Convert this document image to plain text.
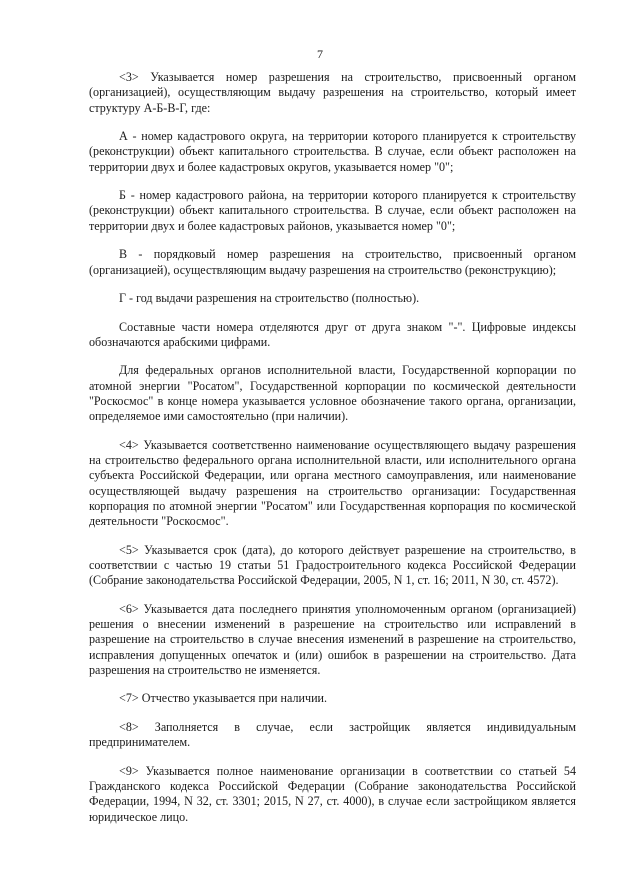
7

<3> Указывается номер разрешения на строительство, присвоенный органом (организацией), осуществляющим выдачу разрешения на строительство, который имеет структуру А-Б-В-Г, где:

А - номер кадастрового округа, на территории которого планируется к строительству (реконструкции) объект капитального строительства. В случае, если объект расположен на территории двух и более кадастровых округов, указывается номер "0";

Б - номер кадастрового района, на территории которого планируется к строительству (реконструкции) объект капитального строительства. В случае, если объект расположен на территории двух и более кадастровых районов, указывается номер "0";

В - порядковый номер разрешения на строительство, присвоенный органом (организацией), осуществляющим выдачу разрешения на строительство (реконструкцию);

Г - год выдачи разрешения на строительство (полностью).

Составные части номера отделяются друг от друга знаком "-". Цифровые индексы обозначаются арабскими цифрами.

Для федеральных органов исполнительной власти, Государственной корпорации по атомной энергии "Росатом", Государственной корпорации по космической деятельности "Роскосмос" в конце номера указывается условное обозначение такого органа, организации, определяемое ими самостоятельно (при наличии).

<4> Указывается соответственно наименование осуществляющего выдачу разрешения на строительство федерального органа исполнительной власти, или исполнительного органа субъекта Российской Федерации, или органа местного самоуправления, или наименование осуществляющей выдачу разрешения на строительство организации: Государственная корпорация по атомной энергии "Росатом" или Государственная корпорация по космической деятельности "Роскосмос".

<5> Указывается срок (дата), до которого действует разрешение на строительство, в соответствии с частью 19 статьи 51 Градостроительного кодекса Российской Федерации (Собрание законодательства Российской Федерации, 2005, N 1, ст. 16; 2011, N 30, ст. 4572).

<6> Указывается дата последнего принятия уполномоченным органом (организацией) решения о внесении изменений в разрешение на строительство или исправлений в разрешение на строительство в случае внесения изменений в разрешение на строительство, исправления допущенных опечаток и (или) ошибок в разрешении на строительство. Дата разрешения на строительство не изменяется.

<7> Отчество указывается при наличии.

<8> Заполняется в случае, если застройщик является индивидуальным предпринимателем.

<9> Указывается полное наименование организации в соответствии со статьей 54 Гражданского кодекса Российской Федерации (Собрание законодательства Российской Федерации, 1994, N 32, ст. 3301; 2015, N 27, ст. 4000), в случае если застройщиком является юридическое лицо.
